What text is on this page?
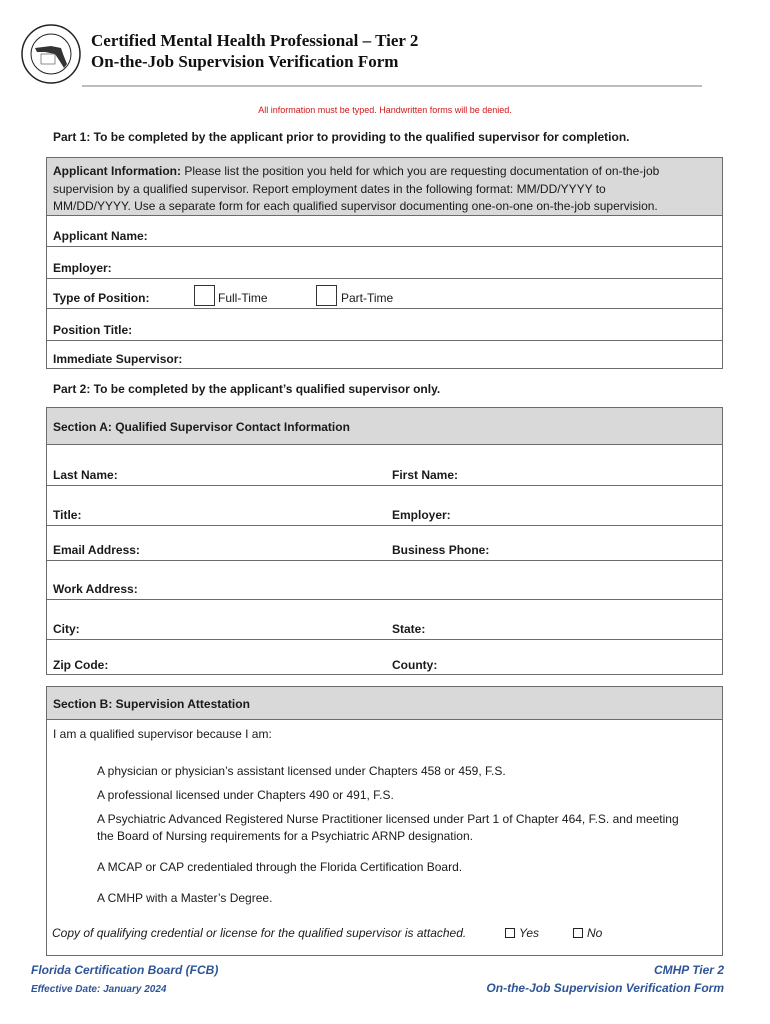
Certified Mental Health Professional – Tier 2
On-the-Job Supervision Verification Form
All information must be typed. Handwritten forms will be denied.
Part 1: To be completed by the applicant prior to providing to the qualified supervisor for completion.
Applicant Information: Please list the position you held for which you are requesting documentation of on-the-job
supervision by a qualified supervisor. Report employment dates in the following format: MM/DD/YYYY to
MM/DD/YYYY. Use a separate form for each qualified supervisor documenting one-on-one on-the-job supervision.
Applicant Name:
Employer:
Type of Position:	Full-Time	Part-Time
Position Title:
Immediate Supervisor:
Part 2: To be completed by the applicant’s qualified supervisor only.
Section A: Qualified Supervisor Contact Information
Last Name:	First Name:
Title:	Employer:
Email Address:	Business Phone:
Work Address:
City:	State:
Zip Code:	County:
Section B: Supervision Attestation
I am a qualified supervisor because I am:
A physician or physician’s assistant licensed under Chapters 458 or 459, F.S.
A professional licensed under Chapters 490 or 491, F.S.
A Psychiatric Advanced Registered Nurse Practitioner licensed under Part 1 of Chapter 464, F.S. and meeting
the Board of Nursing requirements for a Psychiatric ARNP designation.
A MCAP or CAP credentialed through the Florida Certification Board.
A CMHP with a Master’s Degree.
Copy of qualifying credential or license for the qualified supervisor is attached.	Yes	No
Florida Certification Board (FCB)
Effective Date: January 2024
CMHP Tier 2
On-the-Job Supervision Verification Form
